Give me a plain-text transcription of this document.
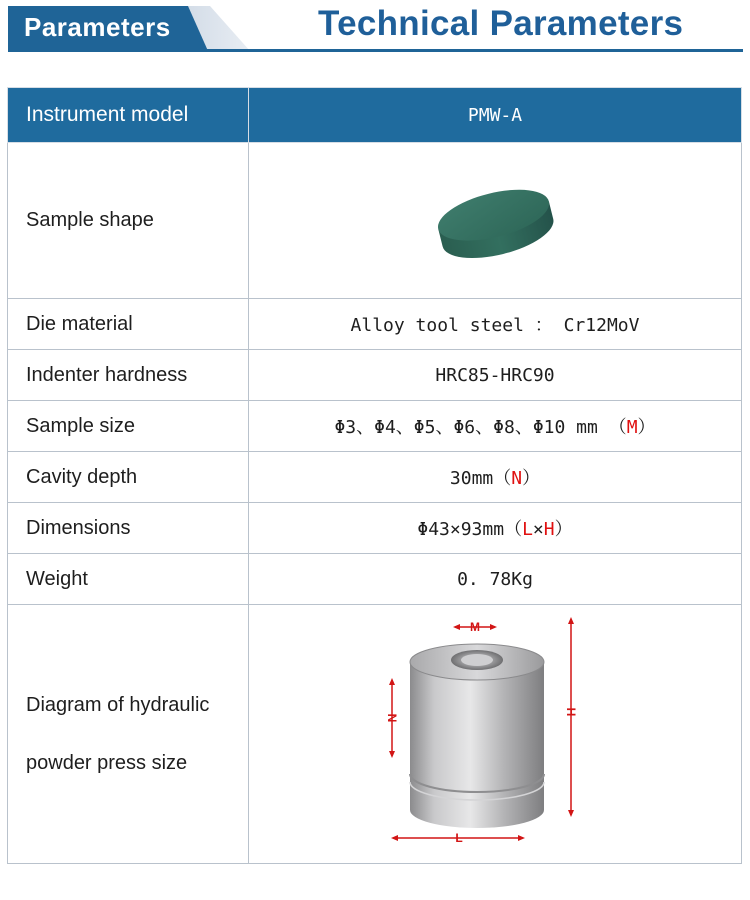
Parameters	Technical Parameters
Instrument model	PMW-A
Sample shape	

Die material	Alloy tool steel ： Cr12MoV
Indenter hardness	HRC85-HRC90
Sample size	Φ3、Φ4、Φ5、Φ6、Φ8、Φ10 mm （M）
Cavity depth	30mm（N）
Dimensions	Φ43×93mm（L×H）
Weight	0. 78Kg

Diagram of hydraulic
powder press size	M
N
H
L
